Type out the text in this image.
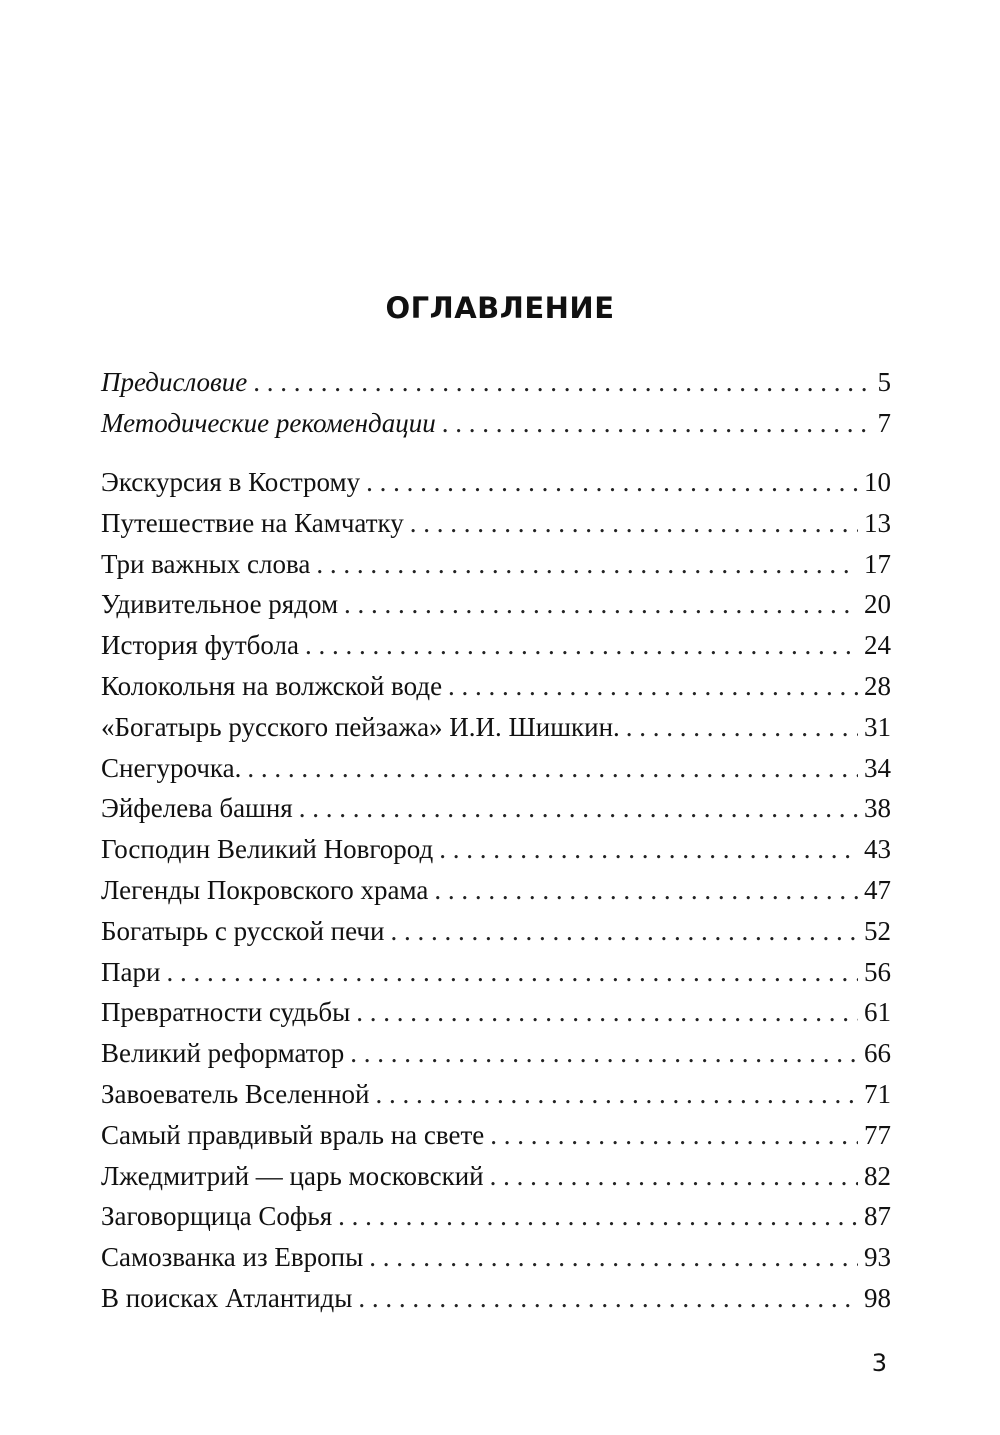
ОГЛАВЛЕНИЕ
Предисловие . . .	5
Методические рекомендации . . .	7
Экскурсия в Кострому . . .	10
Путешествие на Камчатку . . .	13
Три важных слова . . .	17
Удивительное рядом . . .	20
История футбола . . .	24
Колокольня на волжской воде . . .	28
«Богатырь русского пейзажа» И.И. Шишкин. . . .	31
Снегурочка. . . .	34
Эйфелева башня . . .	38
Господин Великий Новгород . . .	43
Легенды Покровского храма . . .	47
Богатырь с русской печи . . .	52
Пари . . .	56
Превратности судьбы . . .	61
Великий реформатор . . .	66
Завоеватель Вселенной . . .	71
Самый правдивый враль на свете . . .	77
Лжедмитрий — царь московский . . .	82
Заговорщица Софья . . .	87
Самозванка из Европы . . .	93
В поисках Атлантиды . . .	98
3
